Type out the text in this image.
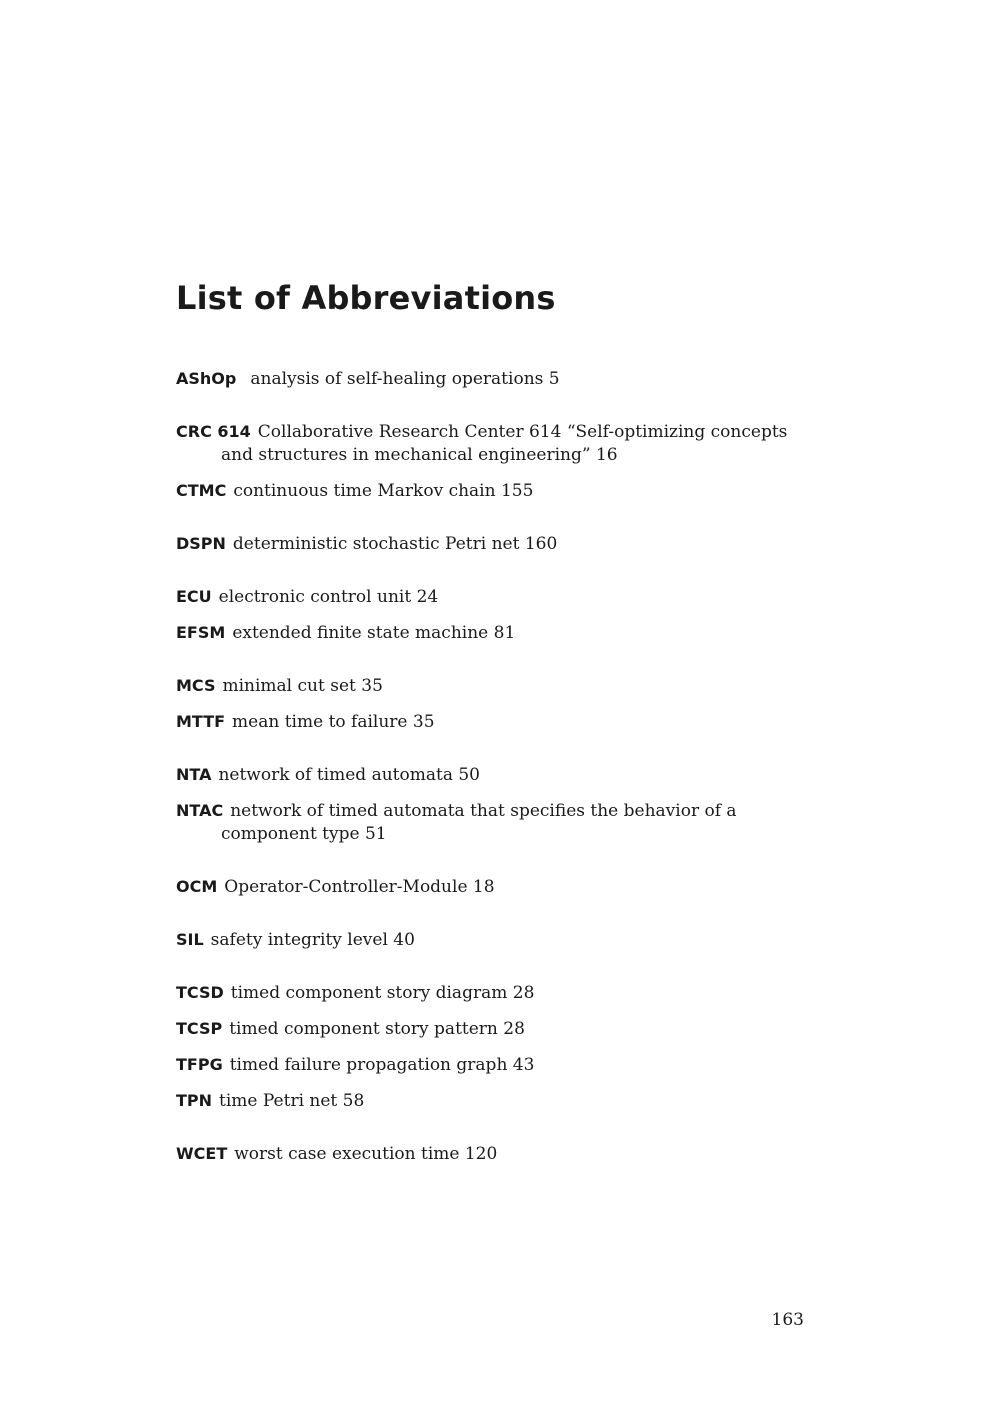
List of Abbreviations
AShOp analysis of self-healing operations 5
CRC 614 Collaborative Research Center 614 “Self-optimizing concepts and structures in mechanical engineering” 16
CTMC continuous time Markov chain 155
DSPN deterministic stochastic Petri net 160
ECU electronic control unit 24
EFSM extended finite state machine 81
MCS minimal cut set 35
MTTF mean time to failure 35
NTA network of timed automata 50
NTAC network of timed automata that specifies the behavior of a component type 51
OCM Operator-Controller-Module 18
SIL safety integrity level 40
TCSD timed component story diagram 28
TCSP timed component story pattern 28
TFPG timed failure propagation graph 43
TPN time Petri net 58
WCET worst case execution time 120
163
